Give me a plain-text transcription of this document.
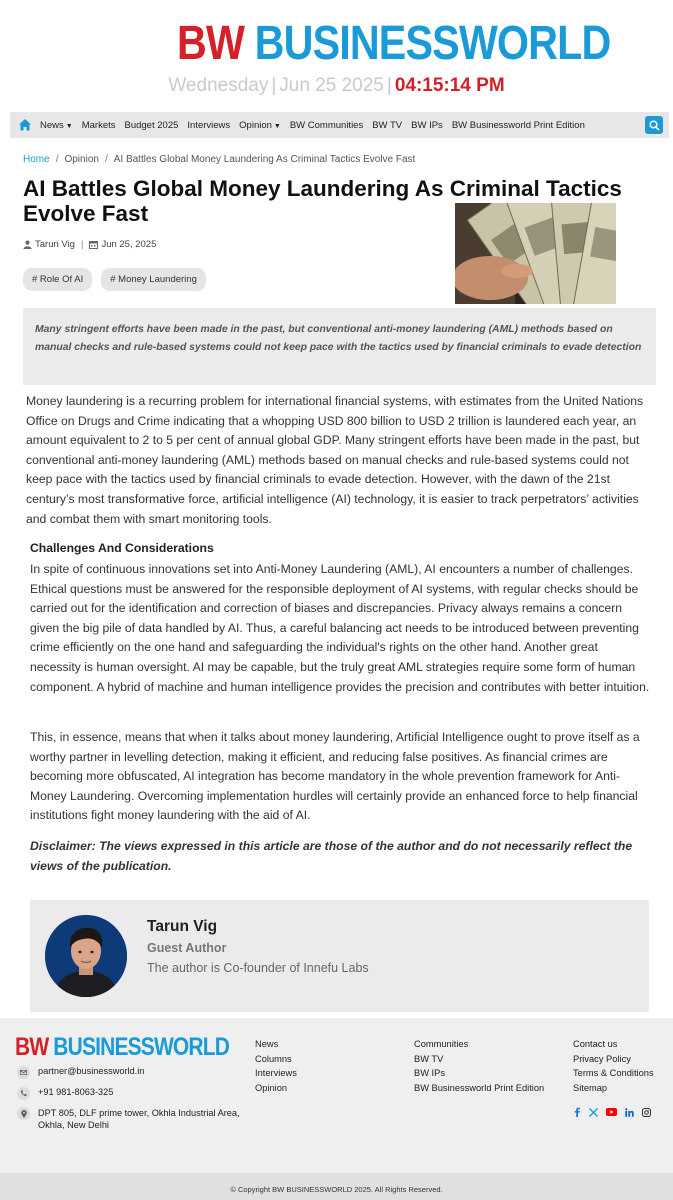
BW BUSINESSWORLD
Wednesday | Jun 25 2025 | 04:15:14 PM
News ▼ Markets Budget 2025 Interviews Opinion ▼ BW Communities BW TV BW IPs BW Businessworld Print Edition
Home / Opinion / AI Battles Global Money Laundering As Criminal Tactics Evolve Fast
AI Battles Global Money Laundering As Criminal Tactics Evolve Fast
Tarun Vig | Jun 25, 2025
# Role Of AI	# Money Laundering
Many stringent efforts have been made in the past, but conventional anti-money laundering (AML) methods based on manual checks and rule-based systems could not keep pace with the tactics used by financial criminals to evade detection

Money laundering is a recurring problem for international financial systems, with estimates from the United Nations Office on Drugs and Crime indicating that a whopping USD 800 billion to USD 2 trillion is laundered each year, an amount equivalent to 2 to 5 per cent of annual global GDP. Many stringent efforts have been made in the past, but conventional anti-money laundering (AML) methods based on manual checks and rule-based systems could not keep pace with the tactics used by financial criminals to evade detection. However, with the dawn of the 21st century’s most transformative force, artificial intelligence (AI) technology, it is easier to track perpetrators’ activities and combat them with smart monitoring tools.

Challenges And Considerations

In spite of continuous innovations set into Anti-Money Laundering (AML), AI encounters a number of challenges. Ethical questions must be answered for the responsible deployment of AI systems, with regular checks should be carried out for the identification and correction of biases and discrepancies. Privacy always remains a concern given the big pile of data handled by AI. Thus, a careful balancing act needs to be introduced between preventing crime efficiently on the one hand and safeguarding the individual's rights on the other hand. Another great necessity is human oversight. AI may be capable, but the truly great AML strategies require some form of human component. A hybrid of machine and human intelligence provides the precision and contributes with better intuition.

This, in essence, means that when it talks about money laundering, Artificial Intelligence ought to prove itself as a worthy partner in levelling detection, making it efficient, and reducing false positives. As financial crimes are becoming more obfuscated, AI integration has become mandatory in the whole prevention framework for Anti-Money Laundering. Overcoming implementation hurdles will certainly provide an enhanced force to help financial institutions fight money laundering with the aid of AI.

Disclaimer: The views expressed in this article are those of the author and do not necessarily reflect the views of the publication.

Tarun Vig
Guest Author
The author is Co-founder of Innefu Labs
BW BUSINESSWORLD
partner@businessworld.in
+91 981-8063-325
DPT 805, DLF prime tower, Okhla Industrial Area, Okhla, New Delhi
News
Columns
Interviews
Opinion
Communities
BW TV
BW IPs
BW Businessworld Print Edition
Contact us
Privacy Policy
Terms & Conditions
Sitemap
© Copyright BW BUSINESSWORLD 2025. All Rights Reserved.
